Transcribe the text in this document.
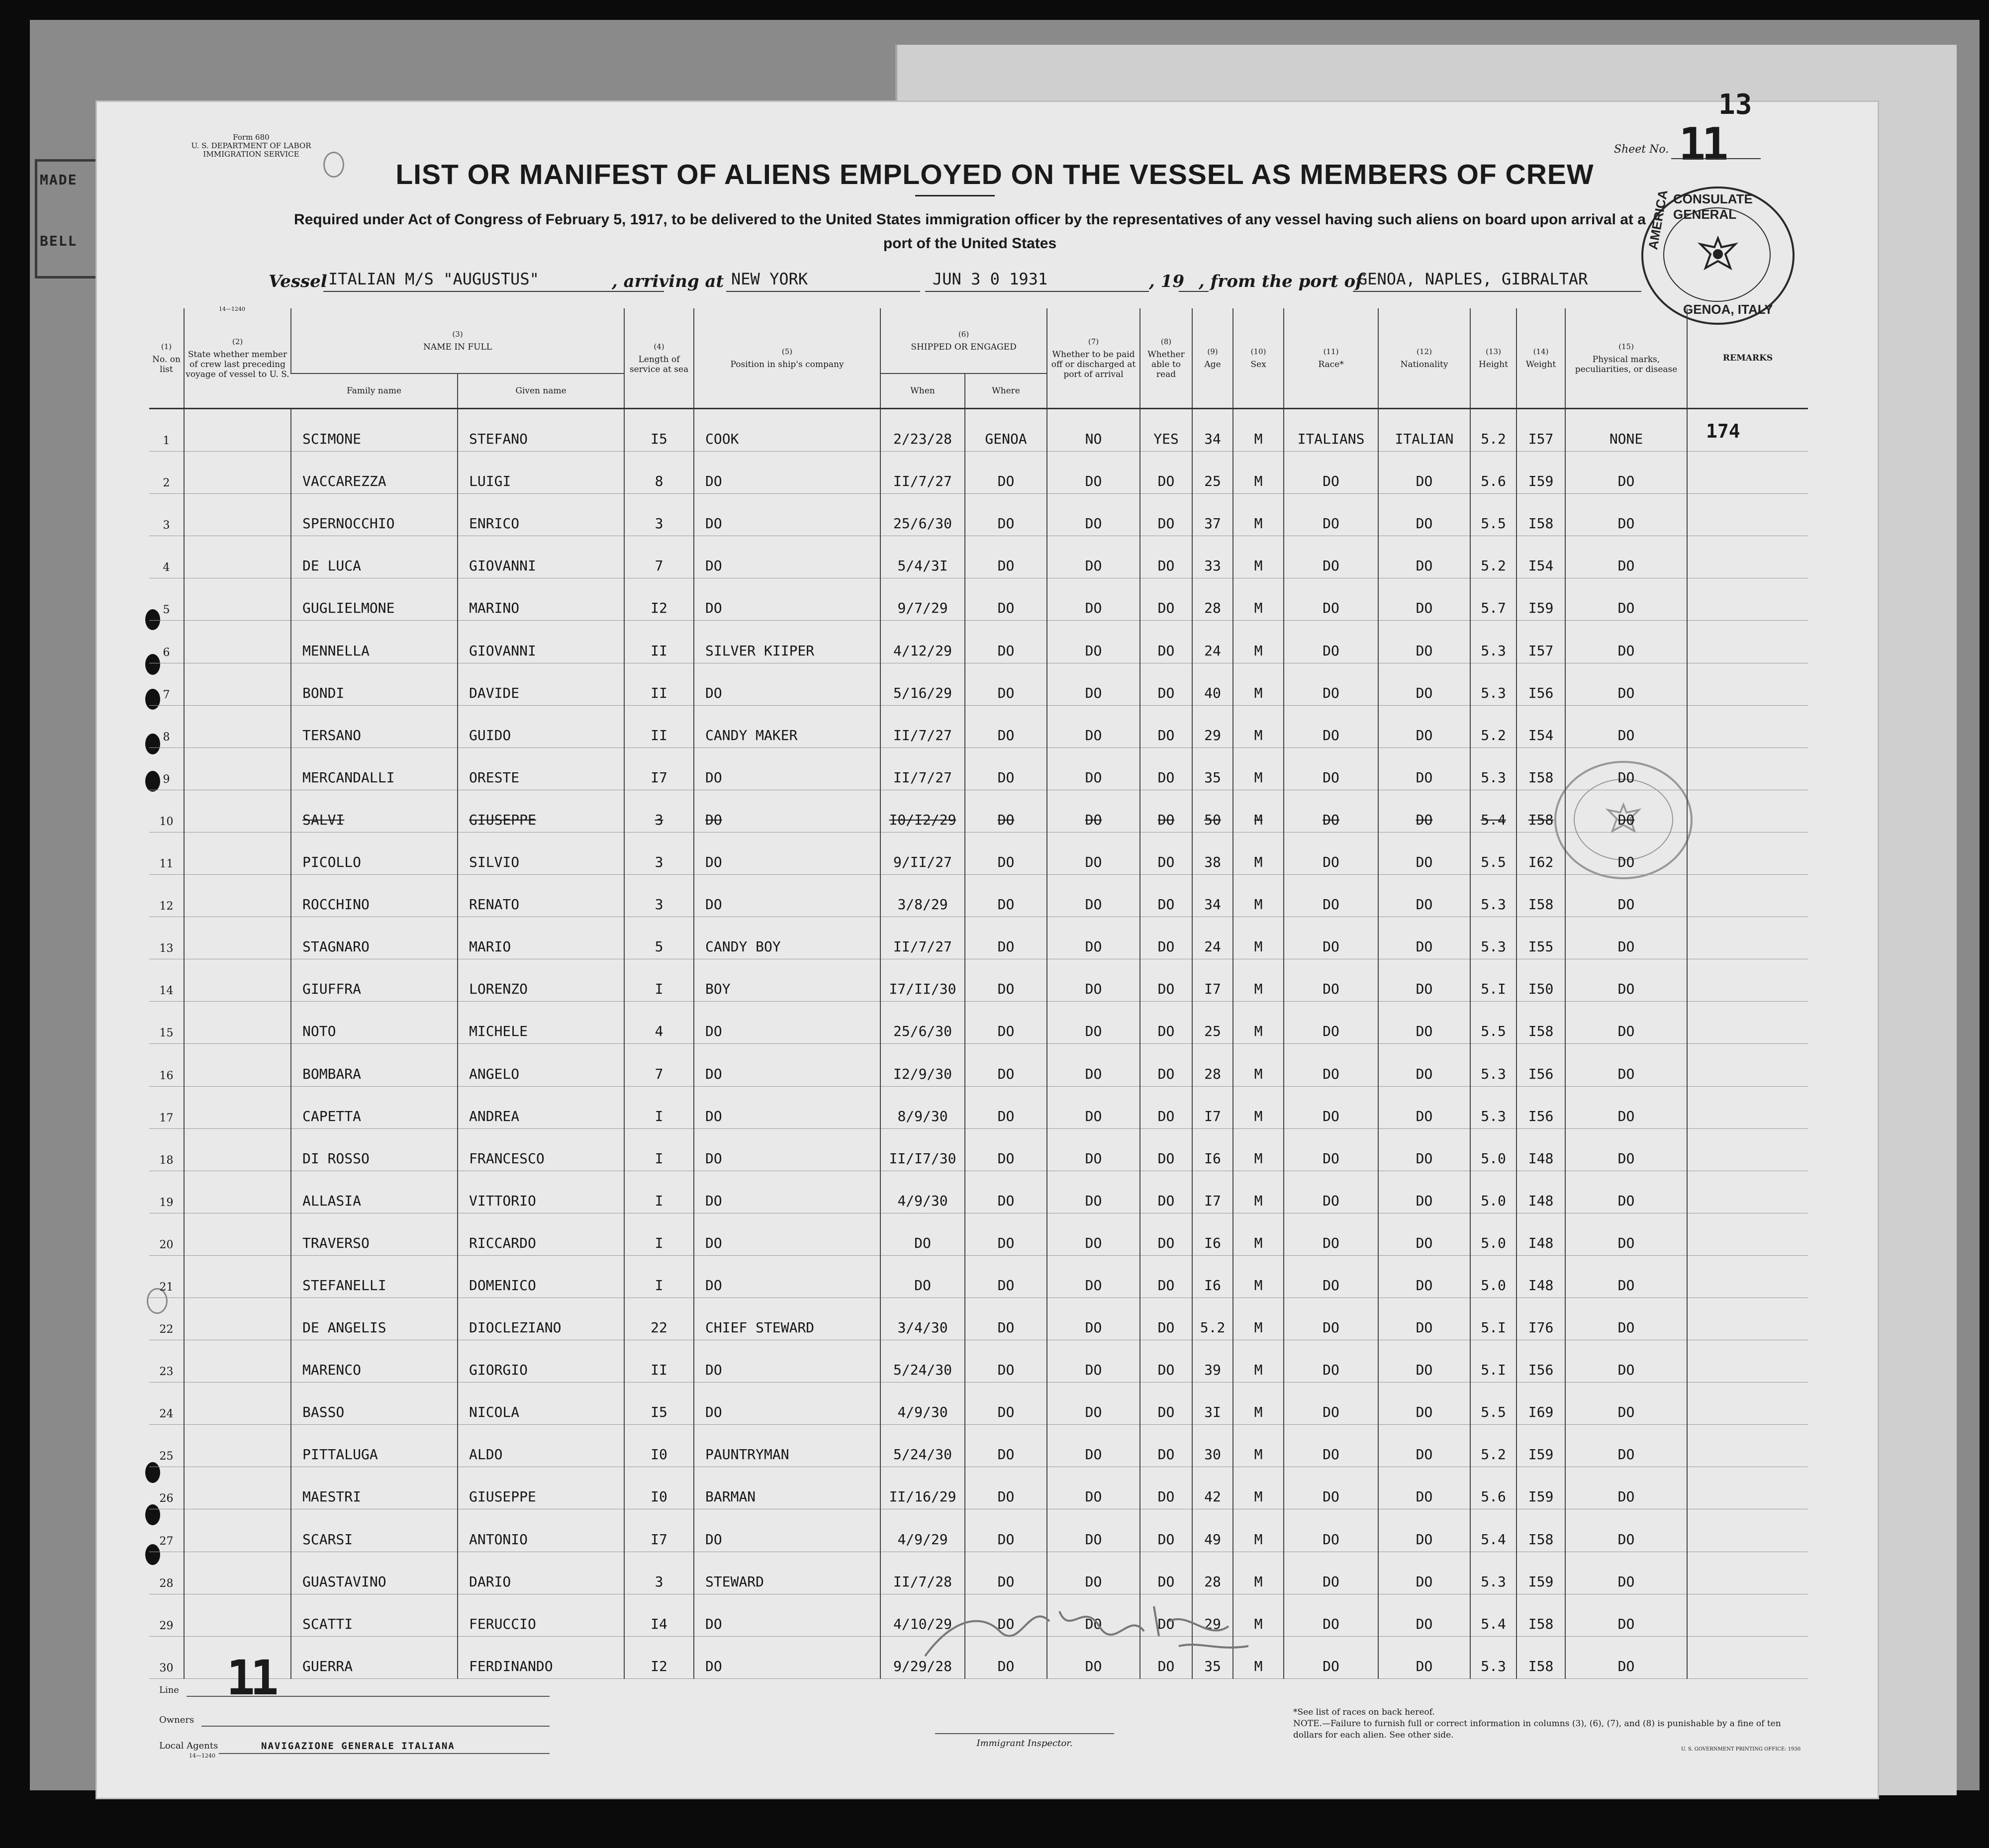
MADE
BELL
Form 680
U. S. DEPARTMENT OF LABOR
IMMIGRATION SERVICE
13
Sheet No. 11
LIST OR MANIFEST OF ALIENS EMPLOYED ON THE VESSEL AS MEMBERS OF CREW
Required under Act of Congress of February 5, 1917, to be delivered to the United States immigration officer by the representatives of any vessel having such aliens on board upon arrival at a
port of the United States
Vessel ITALIAN M/S "AUGUSTUS"	, arriving at NEW YORK	JUN 3 0 1931	, 19 , from the port of
GENOA, NAPLES, GIBRALTAR
CONSULATE GENERAL
AMERICA
GENOA, ITALY
(1)
No. on list	(2)
State whether member of crew last preceding voyage of vessel to U. S.	(3)
NAME IN FULL		(4)
Length of service at sea	(5)
Position in ship's company	(6)
SHIPPED OR ENGAGED		(7)
Whether to be paid off or discharged at port of arrival	(8)
Whether able to read	(9)
Age	(10)
Sex	(11)
Race*	(12)
Nationality	(13)
Height	(14)
Weight	(15)
Physical marks, peculiarities, or disease	REMARKS
		Family name	Given name			When	Where										
1		SCIMONE	STEFANO	I5	COOK	2/23/28	GENOA	NO	YES	34	M	ITALIANS	ITALIAN	5.2	I57	NONE	
2		VACCAREZZA	LUIGI	8	DO	II/7/27	DO	DO	DO	25	M	DO	DO	5.6	I59	DO	
3		SPERNOCCHIO	ENRICO	3	DO	25/6/30	DO	DO	DO	37	M	DO	DO	5.5	I58	DO	
4		DE LUCA	GIOVANNI	7	DO	5/4/3I	DO	DO	DO	33	M	DO	DO	5.2	I54	DO	
5		GUGLIELMONE	MARINO	I2	DO	9/7/29	DO	DO	DO	28	M	DO	DO	5.7	I59	DO	
6		MENNELLA	GIOVANNI	II	SILVER KIIPER	4/12/29	DO	DO	DO	24	M	DO	DO	5.3	I57	DO	
7		BONDI	DAVIDE	II	DO	5/16/29	DO	DO	DO	40	M	DO	DO	5.3	I56	DO	
8		TERSANO	GUIDO	II	CANDY MAKER	II/7/27	DO	DO	DO	29	M	DO	DO	5.2	I54	DO	
9		MERCANDALLI	ORESTE	I7	DO	II/7/27	DO	DO	DO	35	M	DO	DO	5.3	I58	DO	
10		SALVI	GIUSEPPE	3	DO	I0/I2/29	DO	DO	DO	50	M	DO	DO	5.4	I58	DO	
11		PICOLLO	SILVIO	3	DO	9/II/27	DO	DO	DO	38	M	DO	DO	5.5	I62	DO	
12		ROCCHINO	RENATO	3	DO	3/8/29	DO	DO	DO	34	M	DO	DO	5.3	I58	DO	
13		STAGNARO	MARIO	5	CANDY BOY	II/7/27	DO	DO	DO	24	M	DO	DO	5.3	I55	DO	
14		GIUFFRA	LORENZO	I	BOY	I7/II/30	DO	DO	DO	I7	M	DO	DO	5.I	I50	DO	
15		NOTO	MICHELE	4	DO	25/6/30	DO	DO	DO	25	M	DO	DO	5.5	I58	DO	
16		BOMBARA	ANGELO	7	DO	I2/9/30	DO	DO	DO	28	M	DO	DO	5.3	I56	DO	
17		CAPETTA	ANDREA	I	DO	8/9/30	DO	DO	DO	I7	M	DO	DO	5.3	I56	DO	
18		DI ROSSO	FRANCESCO	I	DO	II/I7/30	DO	DO	DO	I6	M	DO	DO	5.0	I48	DO	
19		ALLASIA	VITTORIO	I	DO	4/9/30	DO	DO	DO	I7	M	DO	DO	5.0	I48	DO	
20		TRAVERSO	RICCARDO	I	DO	DO	DO	DO	DO	I6	M	DO	DO	5.0	I48	DO	
21		STEFANELLI	DOMENICO	I	DO	DO	DO	DO	DO	I6	M	DO	DO	5.0	I48	DO	
22		DE ANGELIS	DIOCLEZIANO	22	CHIEF STEWARD	3/4/30	DO	DO	DO	5.2	M	DO	DO	5.I	I76	DO	
23		MARENCO	GIORGIO	II	DO	5/24/30	DO	DO	DO	39	M	DO	DO	5.I	I56	DO	
24		BASSO	NICOLA	I5	DO	4/9/30	DO	DO	DO	3I	M	DO	DO	5.5	I69	DO	
25		PITTALUGA	ALDO	I0	PAUNTRYMAN	5/24/30	DO	DO	DO	30	M	DO	DO	5.2	I59	DO	
26		MAESTRI	GIUSEPPE	I0	BARMAN	II/16/29	DO	DO	DO	42	M	DO	DO	5.6	I59	DO	
27		SCARSI	ANTONIO	I7	DO	4/9/29	DO	DO	DO	49	M	DO	DO	5.4	I58	DO	
28		GUASTAVINO	DARIO	3	STEWARD	II/7/28	DO	DO	DO	28	M	DO	DO	5.3	I59	DO	
29		SCATTI	FERUCCIO	I4	DO	4/10/29	DO	DO	DO	29	M	DO	DO	5.4	I58	DO	
30		GUERRA	FERDINANDO	I2	DO	9/29/28	DO	DO	DO	35	M	DO	DO	5.3	I58	DO	
14—1240
174
Line 11
Owners
Local Agents
14—1240
NAVIGAZIONE GENERALE ITALIANA	Immigrant Inspector.
*See list of races on back hereof.
NOTE.—Failure to furnish full or correct information in columns (3), (6), (7), and (8) is punishable by a fine of ten dollars for each alien. See other side.
U. S. GOVERNMENT PRINTING OFFICE: 1930
